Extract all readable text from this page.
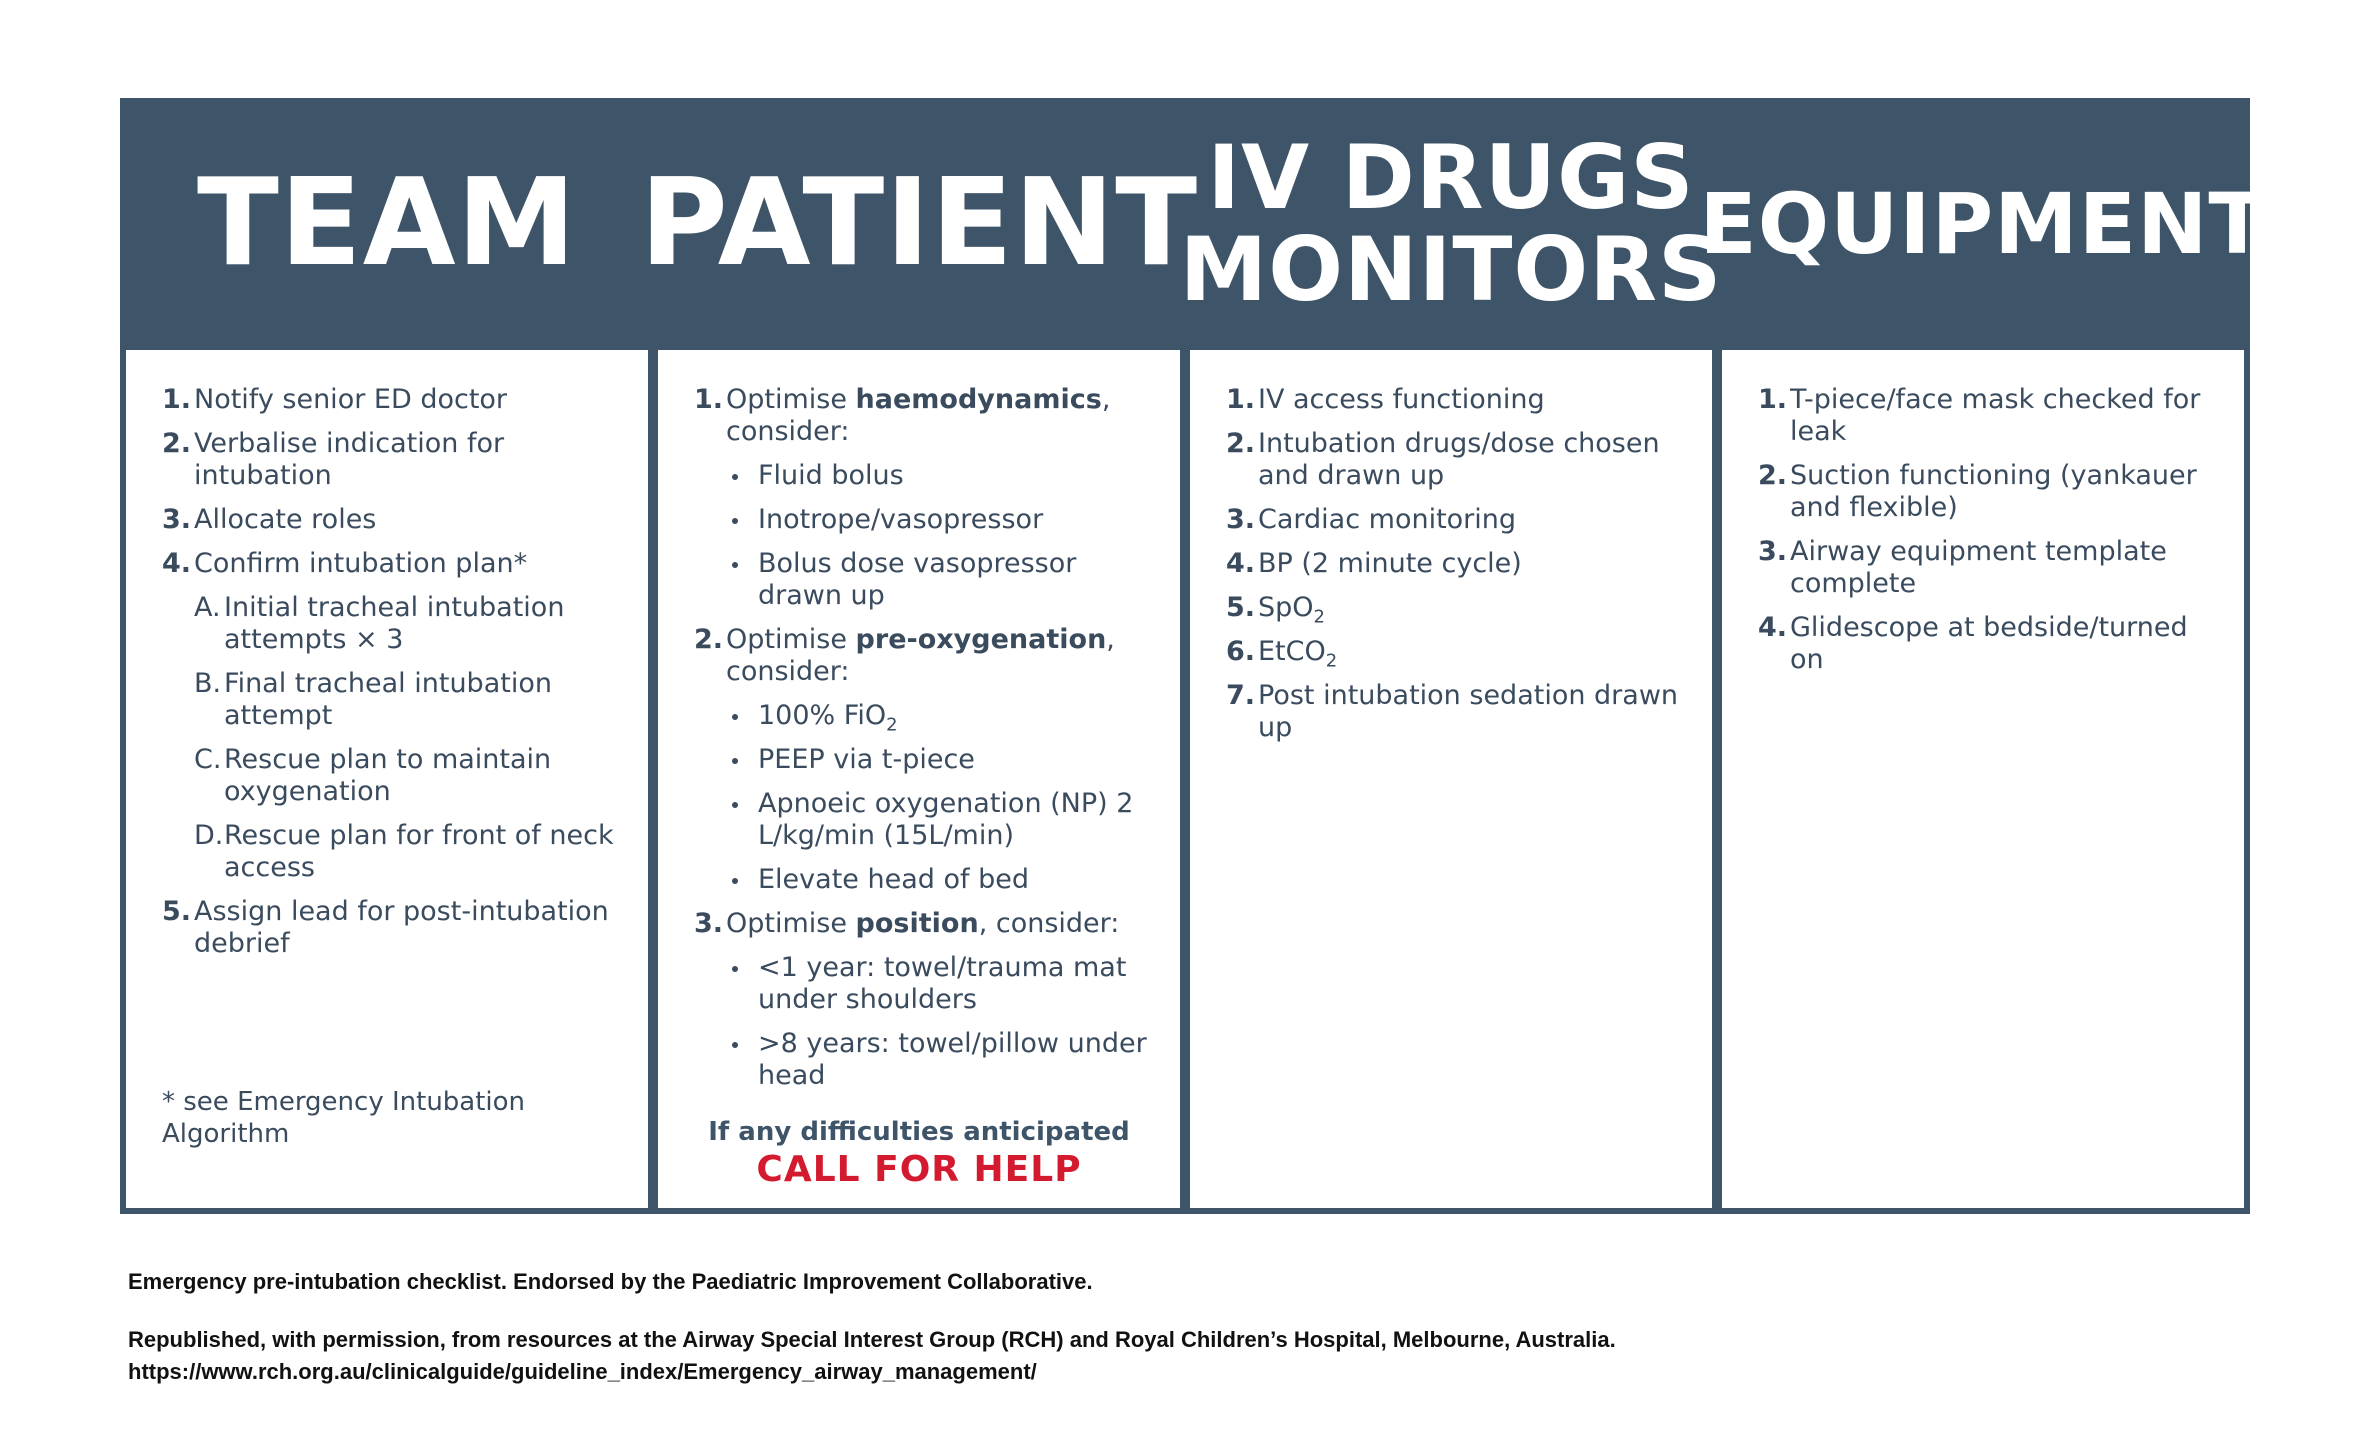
TEAM
1. Notify senior ED doctor
2. Verbalise indication for intubation
3. Allocate roles
4. Confirm intubation plan*
A. Initial tracheal intubation attempts × 3
B. Final tracheal intubation attempt
C. Rescue plan to maintain oxygenation
D. Rescue plan for front of neck access
5. Assign lead for post-intubation debrief
* see Emergency Intubation Algorithm
PATIENT
1. Optimise haemodynamics, consider:
Fluid bolus
Inotrope/vasopressor
Bolus dose vasopressor drawn up
2. Optimise pre-oxygenation, consider:
100% FiO$_2$
PEEP via t-piece
Apnoeic oxygenation (NP) 2 L/kg/min (15L/min)
Elevate head of bed
3. Optimise position, consider:
<1 year: towel/trauma mat under shoulders
>8 years: towel/pillow under head
If any difficulties anticipated
CALL FOR HELP
IV DRUGS
MONITORS
1. IV access functioning
2. Intubation drugs/dose chosen and drawn up
3. Cardiac monitoring
4. BP (2 minute cycle)
5. SpO$_2$
6. EtCO$_2$
7. Post intubation sedation drawn up
EQUIPMENT
1. T-piece/face mask checked for leak
2. Suction functioning (yankauer and flexible)
3. Airway equipment template complete
4. Glidescope at bedside/turned on
Emergency pre-intubation checklist. Endorsed by the Paediatric Improvement Collaborative.
Republished, with permission, from resources at the Airway Special Interest Group (RCH) and Royal Children’s Hospital, Melbourne, Australia.
https://www.rch.org.au/clinicalguide/guideline_index/Emergency_airway_management/
